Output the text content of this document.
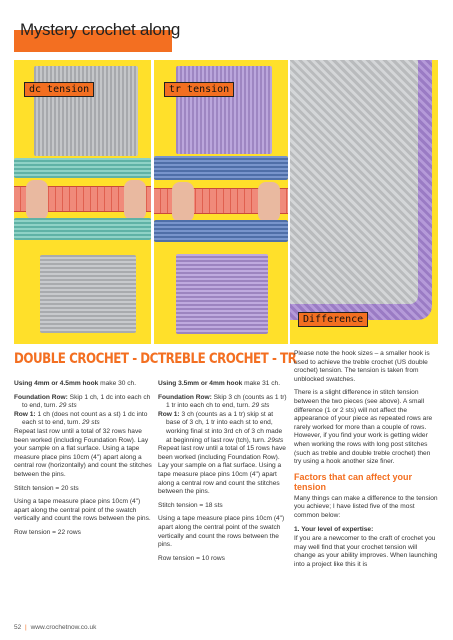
Mystery crochet along
dc tension	tr tension
Difference
DOUBLE CROCHET - DC

Using 4mm or 4.5mm hook make 30 ch.

Foundation Row: Skip 1 ch, 1 dc into each ch to end, turn. 29 sts

Row 1: 1 ch (does not count as a st) 1 dc into each st to end, turn. 29 sts

Repeat last row until a total of 32 rows have been worked (including Foundation Row). Lay your sample on a flat surface. Using a tape measure place pins 10cm (4") apart along a central row (horizontally) and count the stitches between the pins.

Stitch tension = 20 sts

Using a tape measure place pins 10cm (4") apart along the central point of the swatch vertically and count the rows between the pins.

Row tension = 22 rows

TREBLE CROCHET - TR

Using 3.5mm or 4mm hook make 31 ch.

Foundation Row: Skip 3 ch (counts as 1 tr) 1 tr into each ch to end, turn. 29 sts

Row 1: 3 ch (counts as a 1 tr) skip st at base of 3 ch, 1 tr into each st to end, working final st into 3rd ch of 3 ch made at beginning of last row (tch), turn. 29sts

Repeat last row until a total of 15 rows have been worked (including Foundation Row). Lay your sample on a flat surface. Using a tape measure place pins 10cm (4") apart along a central row and count the stitches between the pins.

Stitch tension = 18 sts

Using a tape measure place pins 10cm (4") apart along the central point of the swatch vertically and count the rows between the pins.

Row tension = 10 rows

Please note the hook sizes – a smaller hook is used to achieve the treble crochet (US double crochet) tension. The tension is taken from unblocked swatches.

There is a slight difference in stitch tension between the two pieces (see above). A small difference (1 or 2 sts) will not affect the appearance of your piece as repeated rows are rarely worked for more than a couple of rows. However, if you find your work is getting wider when working the rows with long post stitches (such as treble and double treble crochet) then try using a hook another size finer.

Factors that can affect your tension

Many things can make a difference to the tension you achieve; I have listed five of the most common below:

1. Your level of expertise:

If you are a newcomer to the craft of crochet you may well find that your crochet tension will change as your ability improves. When launching into a project like this it is

52 | www.crochetnow.co.uk
